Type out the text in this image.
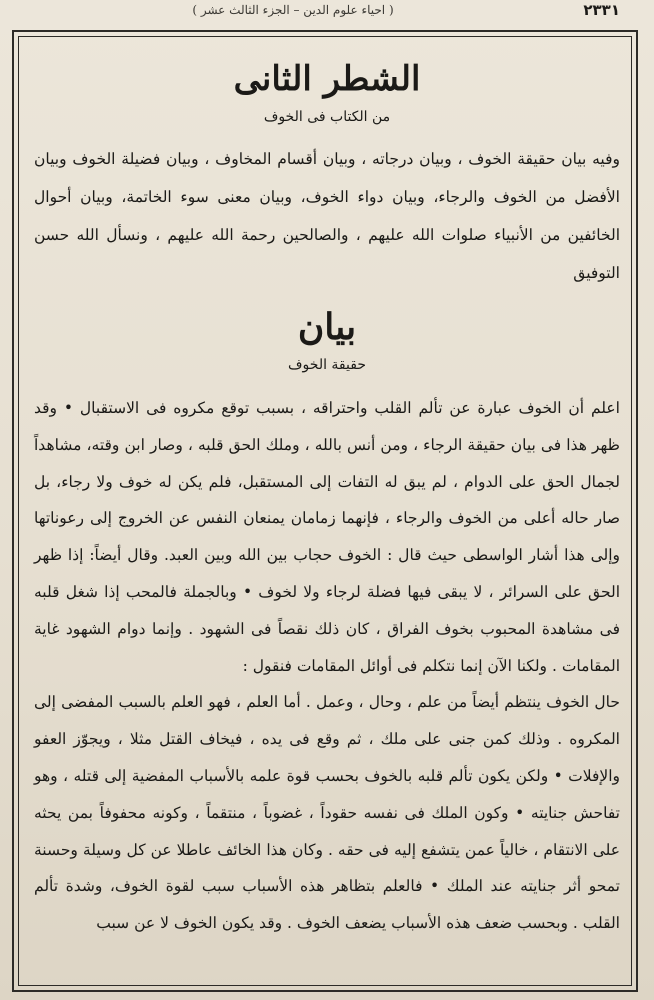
٢٣٣١
( احياء علوم الدين – الجزء الثالث عشر )
الشطر الثانى
من الكتاب فى الخوف

وفيه بيان حقيقة الخوف ، وبيان درجاته ، وبيان أقسام المخاوف ، وبيان فضيلة الخوف وبيان الأفضل من الخوف والرجاء، وبيان دواء الخوف، وبيان معنى سوء الخاتمة، وبيان أحوال الخائفين من الأنبياء صلوات الله عليهم ، والصالحين رحمة الله عليهم ، ونسأل الله حسن التوفيق

بيان
حقيقة الخوف

اعلم أن الخوف عبارة عن تألم القلب واحتراقه ، بسبب توقع مكروه فى الاستقبال • وقد ظهر هذا فى بيان حقيقة الرجاء ، ومن أنس بالله ، وملك الحق قلبه ، وصار ابن وقته، مشاهداً لجمال الحق على الدوام ، لم يبق له التفات إلى المستقبل، فلم يكن له خوف ولا رجاء، بل صار حاله أعلى من الخوف والرجاء ، فإنهما زمامان يمنعان النفس عن الخروج إلى رعوناتها وإلى هذا أشار الواسطى حيث قال : الخوف حجاب بين الله وبين العبد. وقال أيضاً: إذا ظهر الحق على السرائر ، لا يبقى فيها فضلة لرجاء ولا لخوف • وبالجملة فالمحب إذا شغل قلبه فى مشاهدة المحبوب بخوف الفراق ، كان ذلك نقصاً فى الشهود . وإنما دوام الشهود غاية المقامات . ولكنا الآن إنما نتكلم فى أوائل المقامات فنقول :

حال الخوف ينتظم أيضاً من علم ، وحال ، وعمل . أما العلم ، فهو العلم بالسبب المفضى إلى المكروه . وذلك كمن جنى على ملك ، ثم وقع فى يده ، فيخاف القتل مثلا ، ويجوّز العفو والإفلات • ولكن يكون تألم قلبه بالخوف بحسب قوة علمه بالأسباب المفضية إلى قتله ، وهو تفاحش جنايته • وكون الملك فى نفسه حقوداً ، غضوباً ، منتقماً ، وكونه محفوفاً بمن يحثه على الانتقام ، خالياً عمن يتشفع إليه فى حقه . وكان هذا الخائف عاطلا عن كل وسيلة وحسنة تمحو أثر جنايته عند الملك • فالعلم بتظاهر هذه الأسباب سبب لقوة الخوف، وشدة تألم القلب . وبحسب ضعف هذه الأسباب يضعف الخوف . وقد يكون الخوف لا عن سبب
